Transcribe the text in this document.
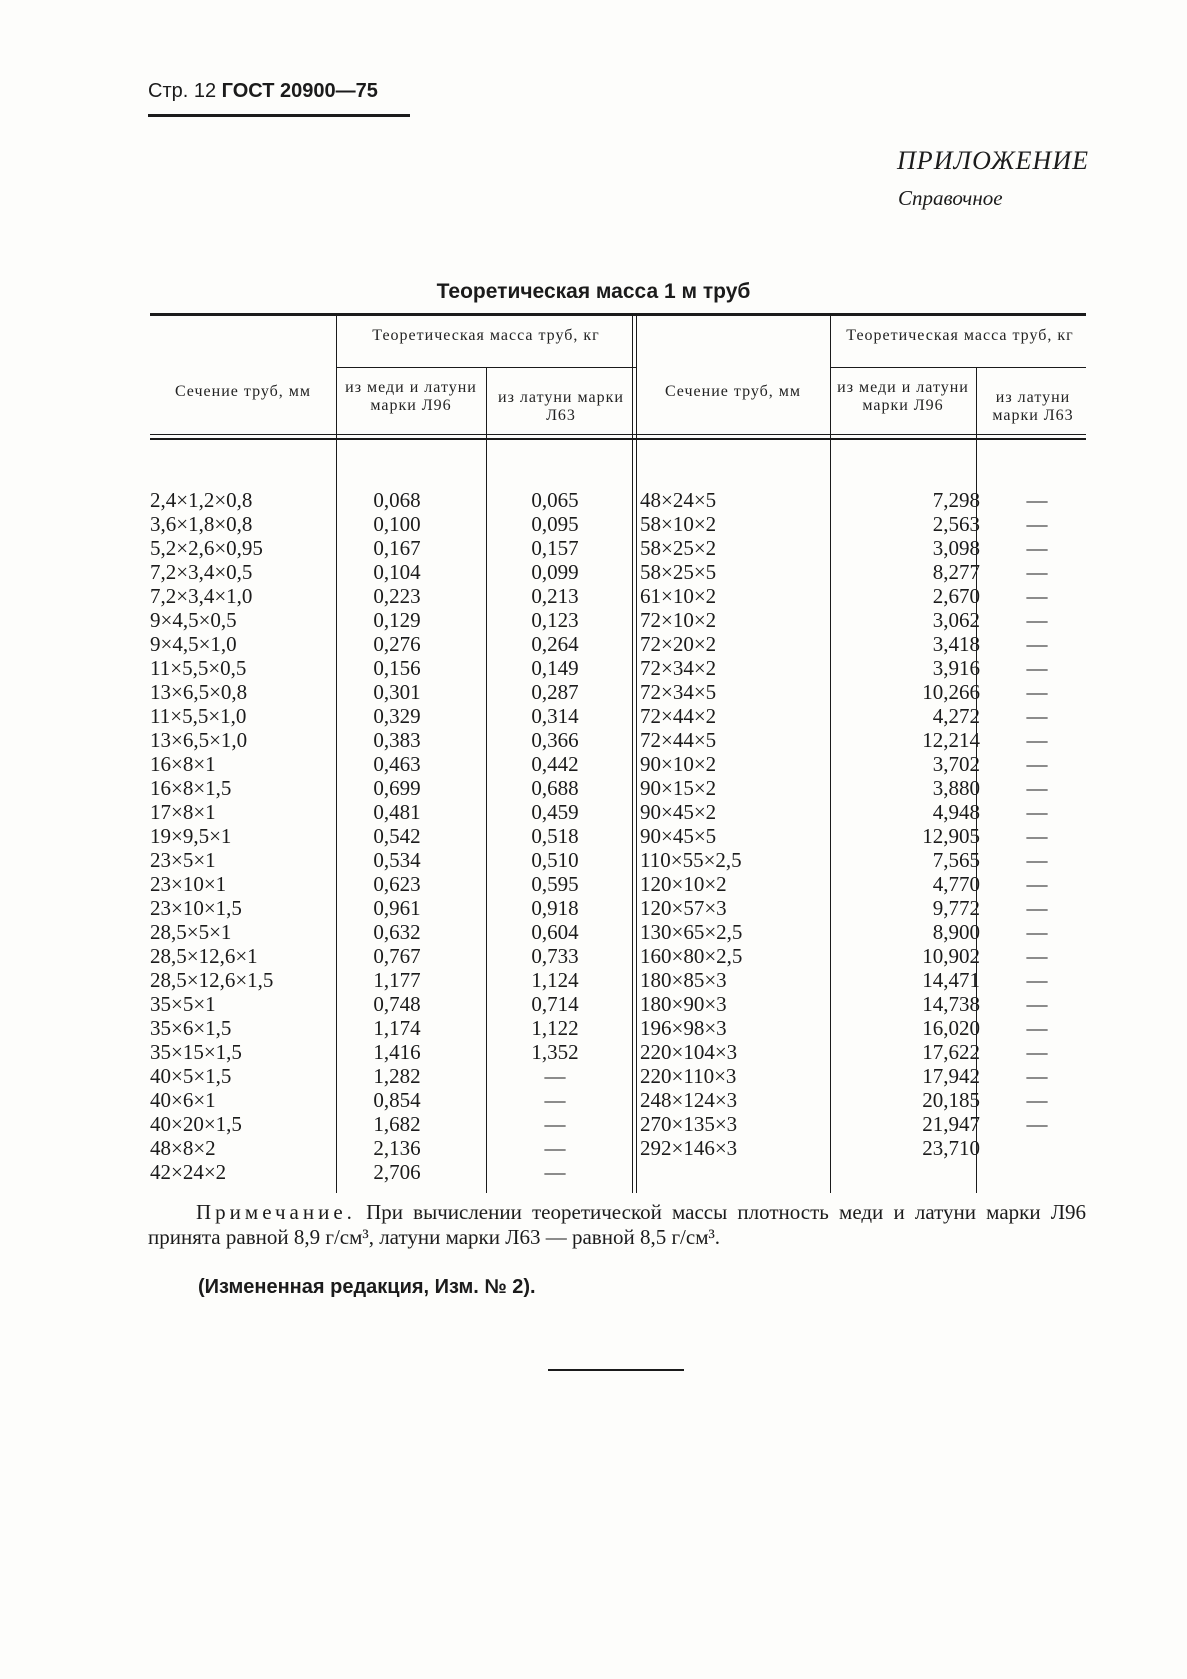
Стр. 12 ГОСТ 20900—75
ПРИЛОЖЕНИЕ
Справочное
Теоретическая масса 1 м труб
Сечение труб, мм
Теоретическая масса труб, кг
из меди и латуни марки Л96	из латуни марки Л63
Сечение труб, мм
Теоретическая масса труб, кг
из меди и латуни марки Л96	из латуни марки Л63
2,4×1,2×0,8
3,6×1,8×0,8
5,2×2,6×0,95
7,2×3,4×0,5
7,2×3,4×1,0
9×4,5×0,5
9×4,5×1,0
11×5,5×0,5
13×6,5×0,8
11×5,5×1,0
13×6,5×1,0
16×8×1
16×8×1,5
17×8×1
19×9,5×1
23×5×1
23×10×1
23×10×1,5
28,5×5×1
28,5×12,6×1
28,5×12,6×1,5
35×5×1
35×6×1,5
35×15×1,5
40×5×1,5
40×6×1
40×20×1,5
48×8×2
42×24×2
0,068
0,100
0,167
0,104
0,223
0,129
0,276
0,156
0,301
0,329
0,383
0,463
0,699
0,481
0,542
0,534
0,623
0,961
0,632
0,767
1,177
0,748
1,174
1,416
1,282
0,854
1,682
2,136
2,706
0,065
0,095
0,157
0,099
0,213
0,123
0,264
0,149
0,287
0,314
0,366
0,442
0,688
0,459
0,518
0,510
0,595
0,918
0,604
0,733
1,124
0,714
1,122
1,352
—
—
—
—
—
48×24×5
58×10×2
58×25×2
58×25×5
61×10×2
72×10×2
72×20×2
72×34×2
72×34×5
72×44×2
72×44×5
90×10×2
90×15×2
90×45×2
90×45×5
110×55×2,5
120×10×2
120×57×3
130×65×2,5
160×80×2,5
180×85×3
180×90×3
196×98×3
220×104×3
220×110×3
248×124×3
270×135×3
292×146×3
7,298
2,563
3,098
8,277
2,670
3,062
3,418
3,916
10,266
4,272
12,214
3,702
3,880
4,948
12,905
7,565
4,770
9,772
8,900
10,902
14,471
14,738
16,020
17,622
17,942
20,185
21,947
23,710
—
—
—
—
—
—
—
—
—
—
—
—
—
—
—
—
—
—
—
—
—
—
—
—
—
—
—

Примечание. При вычислении теоретической массы плотность меди и латуни марки Л96 принята равной 8,9 г/см³, латуни марки Л63 — равной 8,5 г/см³.

(Измененная редакция, Изм. № 2).
